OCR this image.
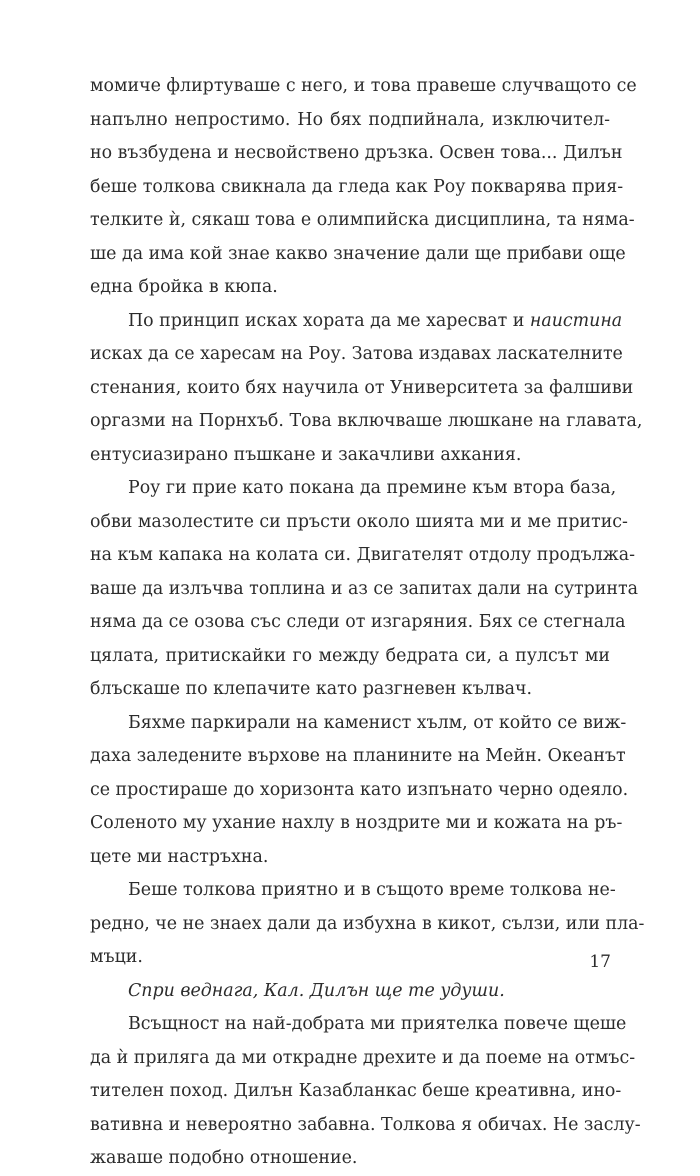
момиче флиртуваше с него, и това правеше случващото се
напълно непростимо. Но бях подпийнала, изключител-
но възбудена и несвойствено дръзка. Освен това... Дилън
беше толкова свикнала да гледа как Роу покварява прия-
телките ѝ, сякаш това е олимпийска дисциплина, та няма-
ше да има кой знае какво значение дали ще прибави още
една бройка в кюпа.
По принцип исках хората да ме харесват и наистина
исках да се харесам на Роу. Затова издавах ласкателните
стенания, които бях научила от Университета за фалшиви
оргазми на Порнхъб. Това включваше люшкане на главата,
ентусиазирано пъшкане и закачливи ахкания.
Роу ги прие като покана да премине към втора база,
обви мазолестите си пръсти около шията ми и ме притис-
на към капака на колата си. Двигателят отдолу продължа-
ваше да излъчва топлина и аз се запитах дали на сутринта
няма да се озова със следи от изгаряния. Бях се стегнала
цялата, притискайки го между бедрата си, а пулсът ми
блъскаше по клепачите като разгневен кълвач.
Бяхме паркирали на каменист хълм, от който се виж-
даха заледените върхове на планините на Мейн. Океанът
се простираше до хоризонта като изпънато черно одеяло.
Соленото му ухание нахлу в ноздрите ми и кожата на ръ-
цете ми настръхна.
Беше толкова приятно и в същото време толкова не-
редно, че не знаех дали да избухна в кикот, сълзи, или пла-
мъци.
Спри веднага, Кал. Дилън ще те удуши.
Всъщност на най-добрата ми приятелка повече щеше
да ѝ приляга да ми открадне дрехите и да поеме на отмъс-
тителен поход. Дилън Казабланкас беше креативна, ино-
вативна и невероятно забавна. Толкова я обичах. Не заслу-
жаваше подобно отношение.
17
